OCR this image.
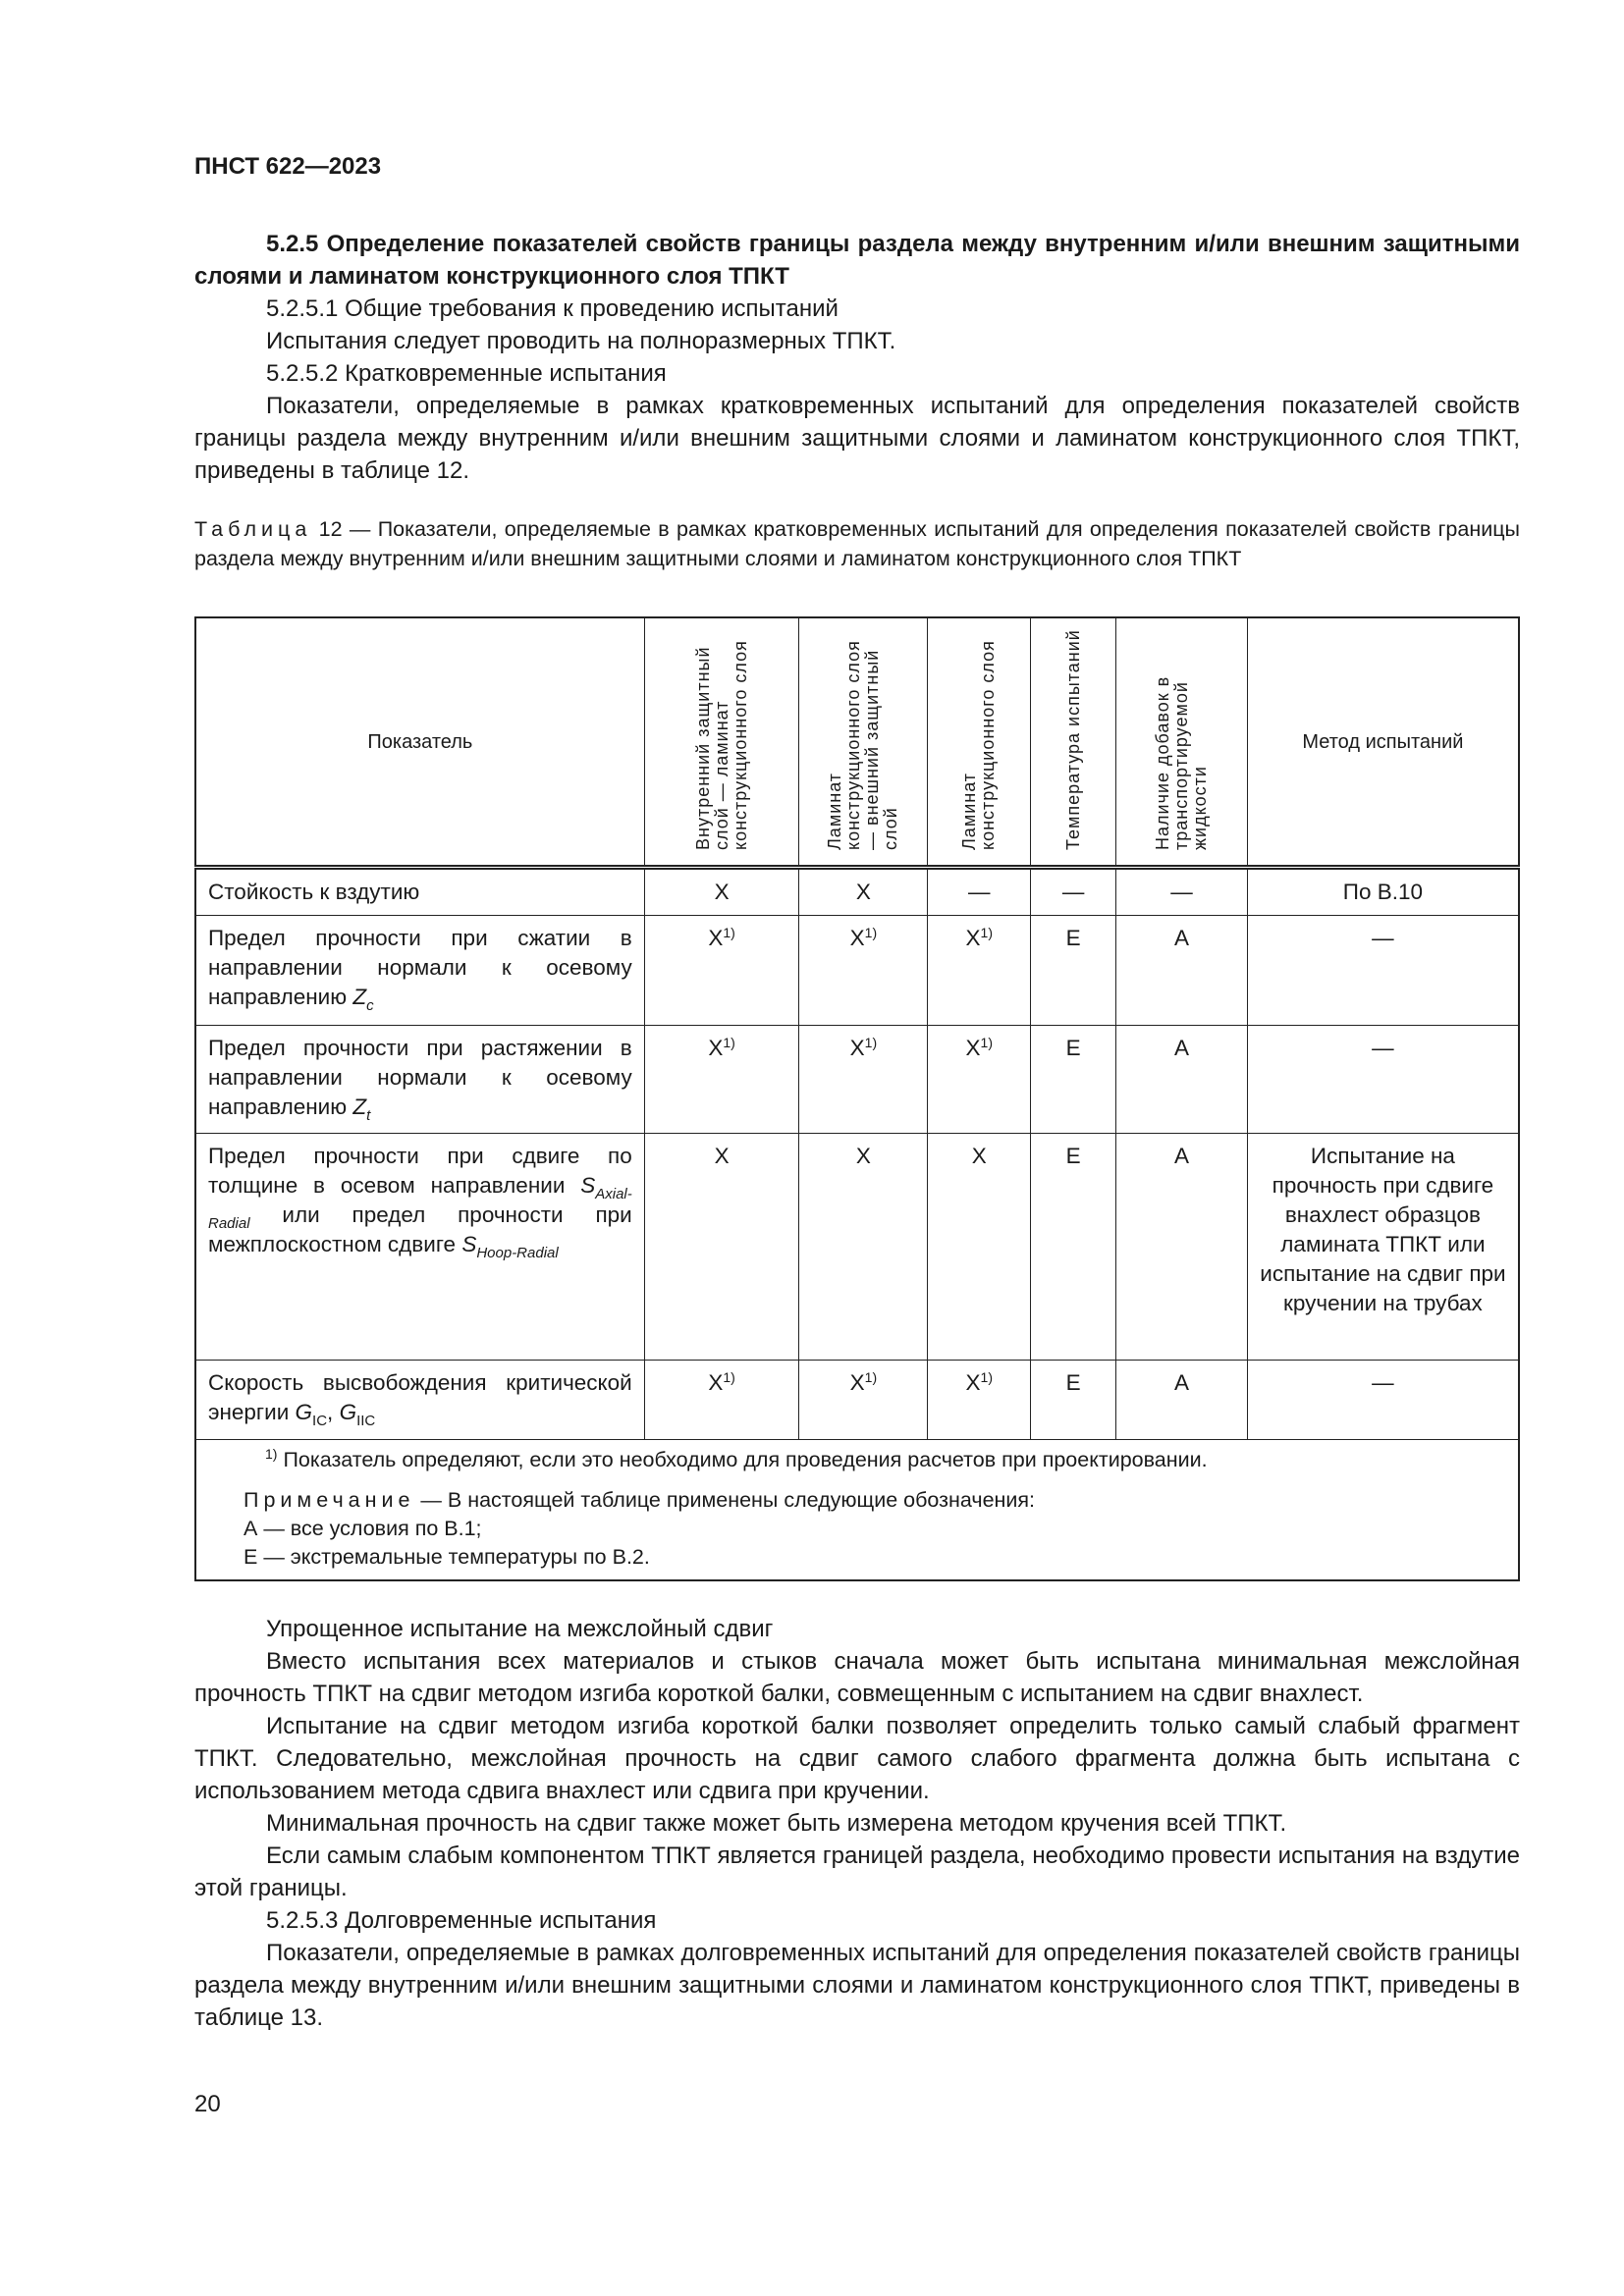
ПНСТ 622—2023

5.2.5 Определение показателей свойств границы раздела между внутренним и/или внешним защитными слоями и ламинатом конструкционного слоя ТПКТ

5.2.5.1 Общие требования к проведению испытаний

Испытания следует проводить на полноразмерных ТПКТ.

5.2.5.2 Кратковременные испытания

Показатели, определяемые в рамках кратковременных испытаний для определения показателей свойств границы раздела между внутренним и/или внешним защитными слоями и ламинатом конструкционного слоя ТПКТ, приведены в таблице 12.

Таблица 12 — Показатели, определяемые в рамках кратковременных испытаний для определения показателей свойств границы раздела между внутренним и/или внешним защитными слоями и ламинатом конструкционного слоя ТПКТ
Показатель	Внутренний защитный слой — ламинат конструкционного слоя	Ламинат конструкционного слоя — внешний защитный слой	Ламинат конструкционного слоя	Температура испытаний	Наличие добавок в транспортируемой жидкости	Метод испытаний
Стойкость к вздутию	X	X	—	—	—	По В.10
Предел прочности при сжатии в направлении нормали к осевому направлению $Z_c$	$X^{1)}$	$X^{1)}$	$X^{1)}$	E	A	—
Предел прочности при растяжении в направлении нормали к осевому направлению $Z_t$	$X^{1)}$	$X^{1)}$	$X^{1)}$	E	A	—
Предел прочности при сдвиге по толщине в осевом направлении $S_{Axial-Radial}$ или предел прочности при межплоскостном сдвиге $S_{Hoop-Radial}$	X	X	X	E	A	Испытание на прочность при сдвиге внахлест образцов ламината ТПКТ или испытание на сдвиг при кручении на трубах
Скорость высвобождения критической энергии $G_{IC}$, $G_{IIC}$	$X^{1)}$	$X^{1)}$	$X^{1)}$	E	A	—

$^{1)}$ Показатель определяют, если это необходимо для проведения расчетов при проектировании.
Примечание — В настоящей таблице применены следующие обозначения:
А — все условия по В.1;
Е — экстремальные температуры по В.2.						

Упрощенное испытание на межслойный сдвиг

Вместо испытания всех материалов и стыков сначала может быть испытана минимальная межслойная прочность ТПКТ на сдвиг методом изгиба короткой балки, совмещенным с испытанием на сдвиг внахлест.

Испытание на сдвиг методом изгиба короткой балки позволяет определить только самый слабый фрагмент ТПКТ. Следовательно, межслойная прочность на сдвиг самого слабого фрагмента должна быть испытана с использованием метода сдвига внахлест или сдвига при кручении.

Минимальная прочность на сдвиг также может быть измерена методом кручения всей ТПКТ.

Если самым слабым компонентом ТПКТ является границей раздела, необходимо провести испытания на вздутие этой границы.

5.2.5.3 Долговременные испытания

Показатели, определяемые в рамках долговременных испытаний для определения показателей свойств границы раздела между внутренним и/или внешним защитными слоями и ламинатом конструкционного слоя ТПКТ, приведены в таблице 13.

20
